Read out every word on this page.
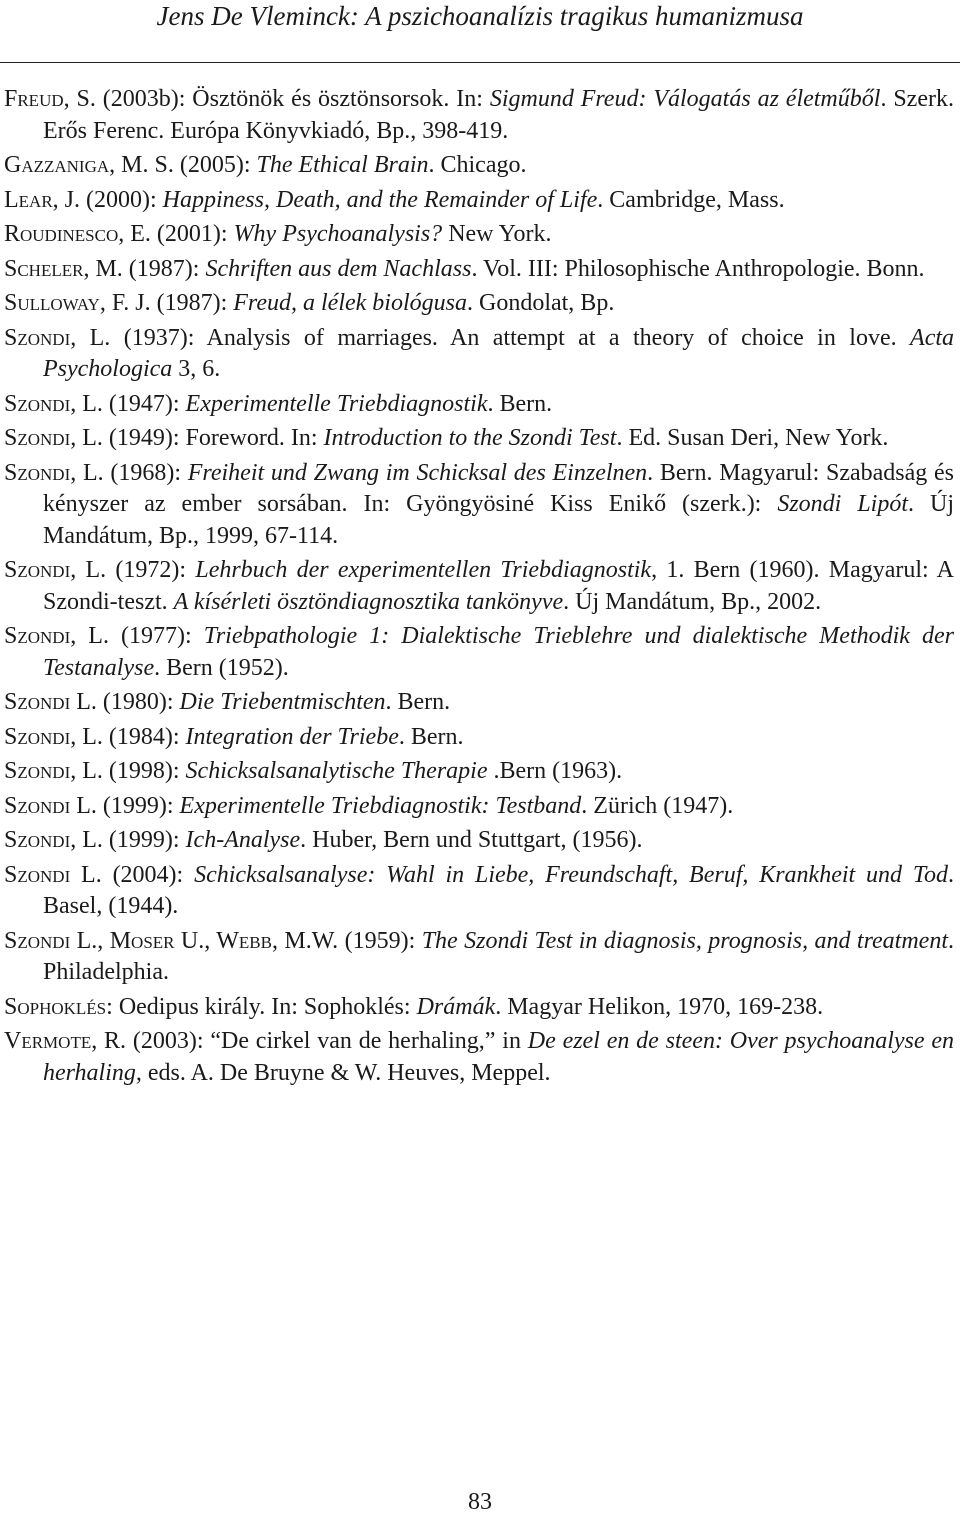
Jens De Vleminck: A pszichoanalízis tragikus humanizmusa
Freud, S. (2003b): Ösztönök és ösztönsorsok. In: Sigmund Freud: Válogatás az életműből. Szerk. Erős Ferenc. Európa Könyvkiadó, Bp., 398-419.
Gazzaniga, M. S. (2005): The Ethical Brain. Chicago.
Lear, J. (2000): Happiness, Death, and the Remainder of Life. Cambridge, Mass.
Roudinesco, E. (2001): Why Psychoanalysis? New York.
Scheler, M. (1987): Schriften aus dem Nachlass. Vol. III: Philosophische Anthropologie. Bonn.
Sulloway, F. J. (1987): Freud, a lélek biológusa. Gondolat, Bp.
Szondi, L. (1937): Analysis of marriages. An attempt at a theory of choice in love. Acta Psychologica 3, 6.
Szondi, L. (1947): Experimentelle Triebdiagnostik. Bern.
Szondi, L. (1949): Foreword. In: Introduction to the Szondi Test. Ed. Susan Deri, New York.
Szondi, L. (1968): Freiheit und Zwang im Schicksal des Einzelnen. Bern. Magyarul: Szabadság és kényszer az ember sorsában. In: Gyöngyösiné Kiss Enikő (szerk.): Szondi Lipót. Új Mandátum, Bp., 1999, 67-114.
Szondi, L. (1972): Lehrbuch der experimentellen Triebdiagnostik, 1. Bern (1960). Magyarul: A Szondi-teszt. A kísérleti ösztöndiagnosztika tankönyve. Új Mandátum, Bp., 2002.
Szondi, L. (1977): Triebpathologie 1: Dialektische Trieblehre und dialektische Methodik der Testanalyse. Bern (1952).
Szondi L. (1980): Die Triebentmischten. Bern.
Szondi, L. (1984): Integration der Triebe. Bern.
Szondi, L. (1998): Schicksalsanalytische Therapie .Bern (1963).
Szondi L. (1999): Experimentelle Triebdiagnostik: Testband. Zürich (1947).
Szondi, L. (1999): Ich-Analyse. Huber, Bern und Stuttgart, (1956).
Szondi L. (2004): Schicksalsanalyse: Wahl in Liebe, Freundschaft, Beruf, Krankheit und Tod. Basel, (1944).
Szondi L., Moser U., Webb, M.W. (1959): The Szondi Test in diagnosis, prognosis, and treatment. Philadelphia.
Sophoklés: Oedipus király. In: Sophoklés: Drámák. Magyar Helikon, 1970, 169-238.
Vermote, R. (2003): “De cirkel van de herhaling,” in De ezel en de steen: Over psychoanalyse en herhaling, eds. A. De Bruyne & W. Heuves, Meppel.
83
